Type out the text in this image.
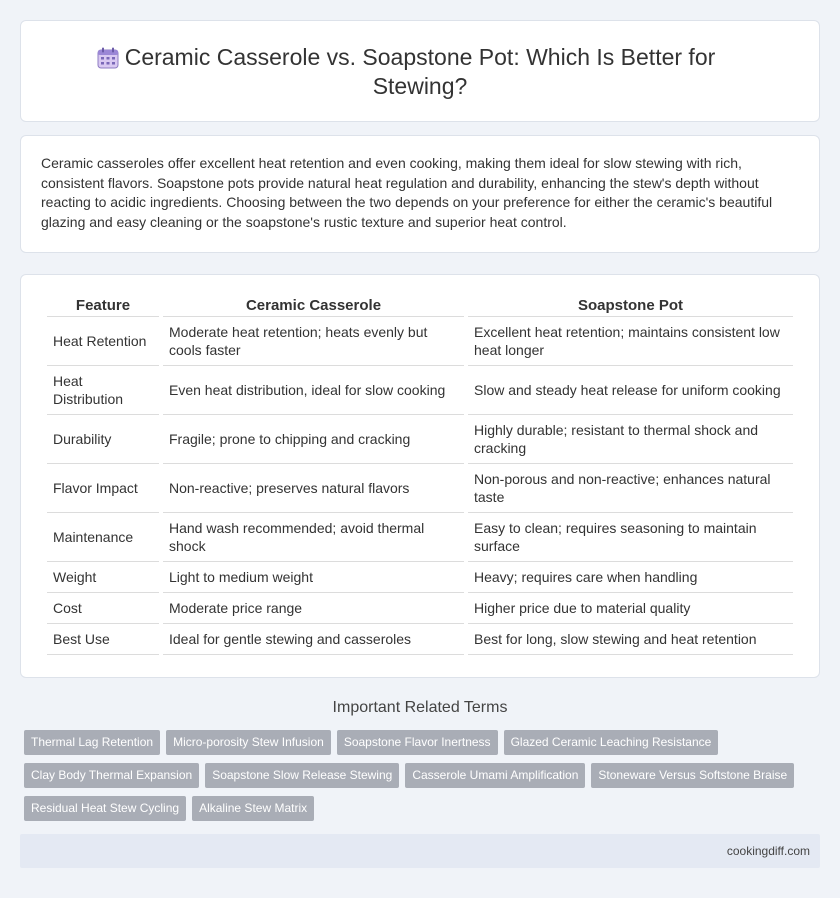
Ceramic Casserole vs. Soapstone Pot: Which Is Better for Stewing?

Ceramic casseroles offer excellent heat retention and even cooking, making them ideal for slow stewing with rich, consistent flavors. Soapstone pots provide natural heat regulation and durability, enhancing the stew's depth without reacting to acidic ingredients. Choosing between the two depends on your preference for either the ceramic's beautiful glazing and easy cleaning or the soapstone's rustic texture and superior heat control.

Feature	Ceramic Casserole	Soapstone Pot
Heat Retention	Moderate heat retention; heats evenly but cools faster	Excellent heat retention; maintains consistent low heat longer
Heat Distribution	Even heat distribution, ideal for slow cooking	Slow and steady heat release for uniform cooking
Durability	Fragile; prone to chipping and cracking	Highly durable; resistant to thermal shock and cracking
Flavor Impact	Non-reactive; preserves natural flavors	Non-porous and non-reactive; enhances natural taste
Maintenance	Hand wash recommended; avoid thermal shock	Easy to clean; requires seasoning to maintain surface
Weight	Light to medium weight	Heavy; requires care when handling
Cost	Moderate price range	Higher price due to material quality
Best Use	Ideal for gentle stewing and casseroles	Best for long, slow stewing and heat retention
Important Related Terms
Thermal Lag Retention	Micro-porosity Stew Infusion	Soapstone Flavor Inertness	Glazed Ceramic Leaching Resistance
Clay Body Thermal Expansion	Soapstone Slow Release Stewing	Casserole Umami Amplification	Stoneware Versus Softstone Braise
Residual Heat Stew Cycling	Alkaline Stew Matrix
cookingdiff.com
